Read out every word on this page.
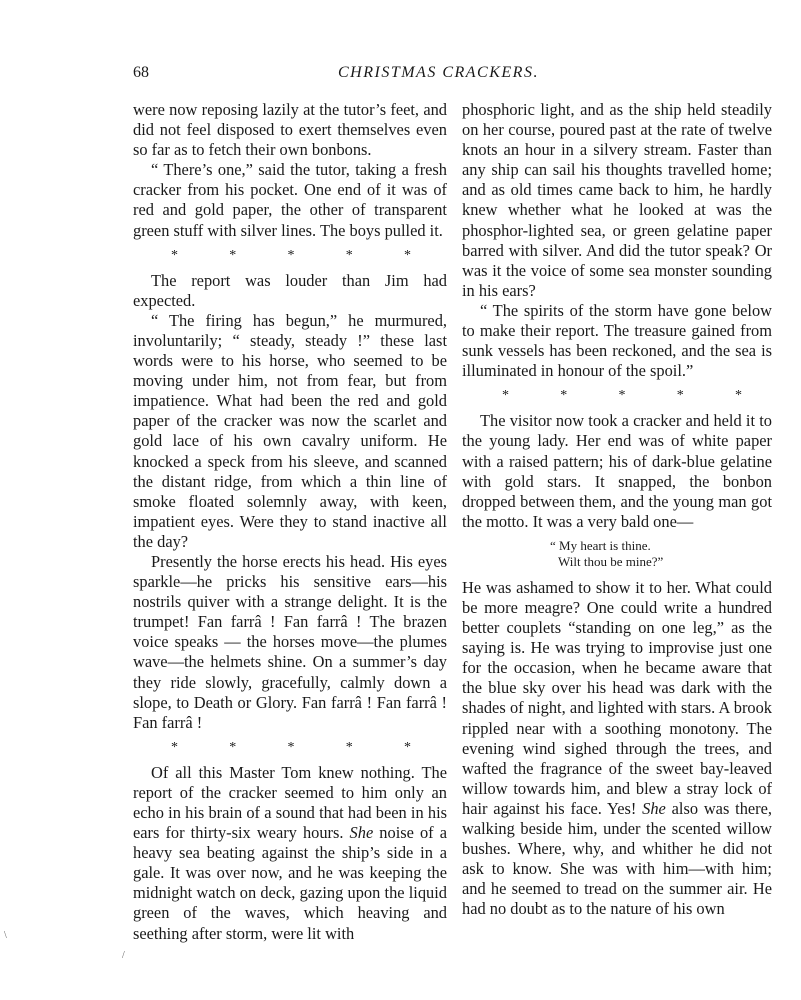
68	CHRISTMAS CRACKERS.

were now reposing lazily at the tutor’s feet, and did not feel disposed to exert themselves even so far as to fetch their own bonbons.

“ There’s one,” said the tutor, taking a fresh cracker from his pocket. One end of it was of red and gold paper, the other of transparent green stuff with silver lines. The boys pulled it.

*	*	*	*	*

The report was louder than Jim had expected.

“ The firing has begun,” he murmured, involuntarily; “ steady, steady !” these last words were to his horse, who seemed to be moving under him, not from fear, but from impatience. What had been the red and gold paper of the cracker was now the scarlet and gold lace of his own cavalry uniform. He knocked a speck from his sleeve, and scanned the distant ridge, from which a thin line of smoke floated solemnly away, with keen, impatient eyes. Were they to stand inactive all the day?

Presently the horse erects his head. His eyes sparkle—he pricks his sensitive ears—his nostrils quiver with a strange delight. It is the trumpet! Fan farrâ ! Fan farrâ ! The brazen voice speaks — the horses move—the plumes wave—the helmets shine. On a summer’s day they ride slowly, gracefully, calmly down a slope, to Death or Glory. Fan farrâ ! Fan farrâ ! Fan farrâ !

*	*	*	*	*

Of all this Master Tom knew nothing. The report of the cracker seemed to him only an echo in his brain of a sound that had been in his ears for thirty-six weary hours. She noise of a heavy sea beating against the ship’s side in a gale. It was over now, and he was keeping the midnight watch on deck, gazing upon the liquid green of the waves, which heaving and seething after storm, were lit with

phosphoric light, and as the ship held steadily on her course, poured past at the rate of twelve knots an hour in a silvery stream. Faster than any ship can sail his thoughts travelled home; and as old times came back to him, he hardly knew whether what he looked at was the phosphor-lighted sea, or green gelatine paper barred with silver. And did the tutor speak? Or was it the voice of some sea monster sounding in his ears?

“ The spirits of the storm have gone below to make their report. The treasure gained from sunk vessels has been reckoned, and the sea is illuminated in honour of the spoil.”

*	*	*	*	*

The visitor now took a cracker and held it to the young lady. Her end was of white paper with a raised pattern; his of dark-blue gelatine with gold stars. It snapped, the bonbon dropped between them, and the young man got the motto. It was a very bald one—

“ My heart is thine.
Wilt thou be mine?”

He was ashamed to show it to her. What could be more meagre? One could write a hundred better couplets “standing on one leg,” as the saying is. He was trying to improvise just one for the occasion, when he became aware that the blue sky over his head was dark with the shades of night, and lighted with stars. A brook rippled near with a soothing monotony. The evening wind sighed through the trees, and wafted the fragrance of the sweet bay-leaved willow towards him, and blew a stray lock of hair against his face. Yes! She also was there, walking beside him, under the scented willow bushes. Where, why, and whither he did not ask to know. She was with him—with him; and he seemed to tread on the summer air. He had no doubt as to the nature of his own

\
/
